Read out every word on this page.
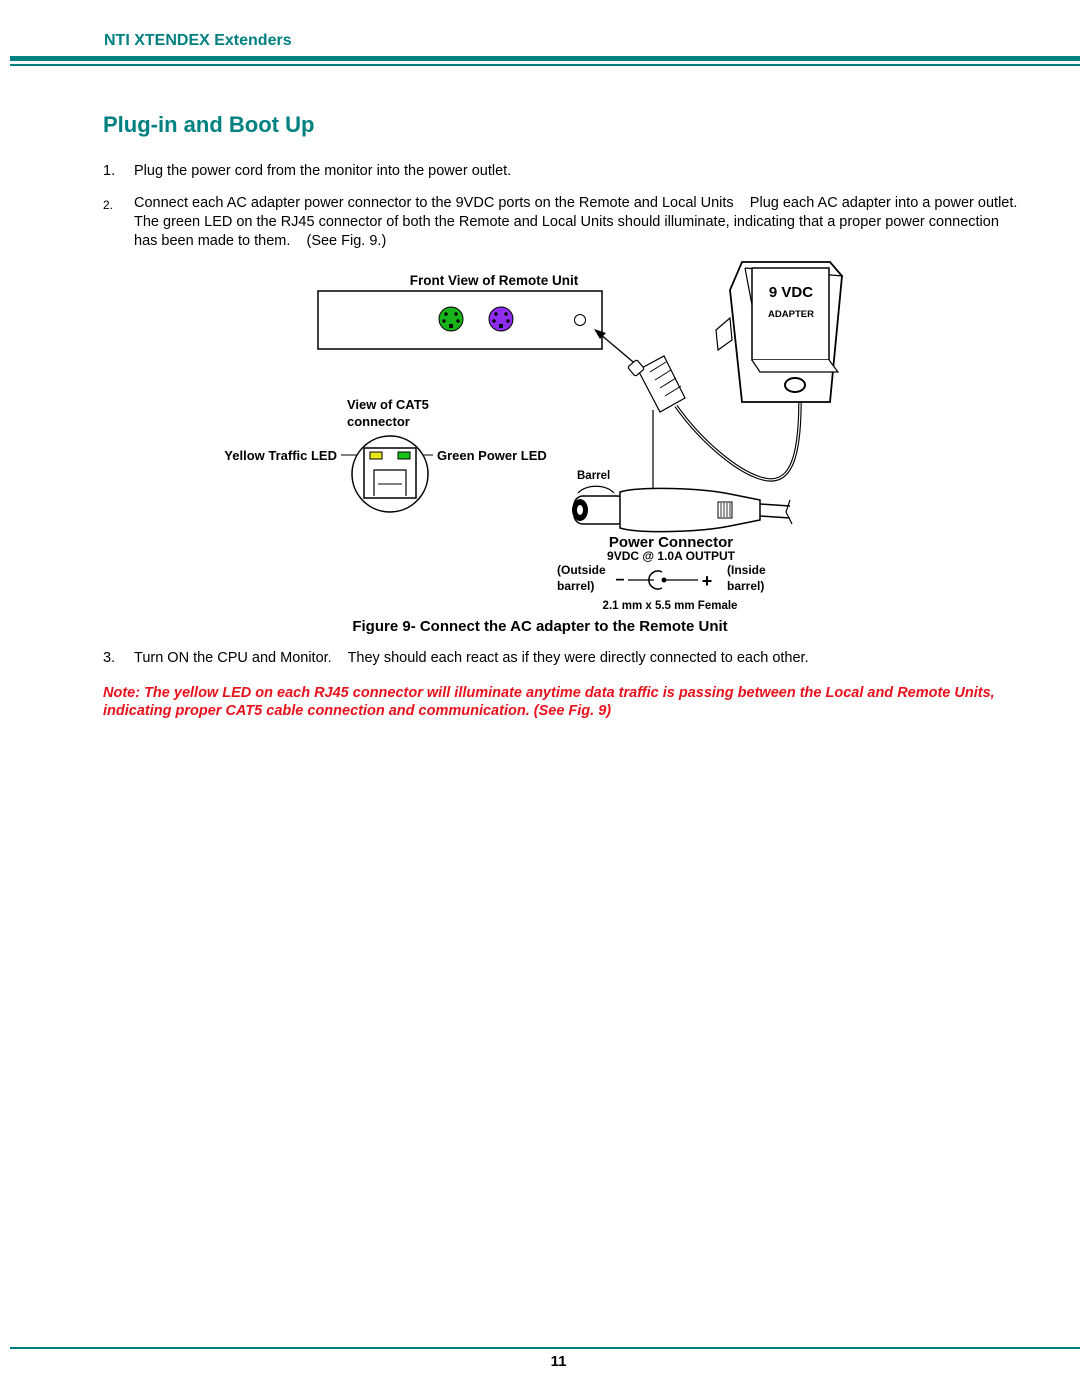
NTI XTENDEX Extenders
Plug-in and Boot Up
1. Plug the power cord from the monitor into the power outlet.
2. Connect each AC adapter power connector to the 9VDC ports on the Remote and Local Units    Plug each AC adapter into a power outlet.   The green LED on the RJ45 connector of both the Remote and Local Units should illuminate, indicating that a proper power connection has been made to them.    (See Fig. 9.)
Front View of Remote Unit
9 VDC
ADAPTER
View of CAT5
connector
Yellow Traffic LED	Green Power LED
Barrel
Power Connector
9VDC @ 1.0A OUTPUT
(Outside
barrel)
(Inside
barrel)
−	+
2.1 mm x 5.5 mm Female
Figure 9- Connect the AC adapter to the Remote Unit
3. Turn ON the CPU and Monitor.    They should each react as if they were directly connected to each other.
Note: The yellow LED on each RJ45 connector will illuminate anytime data traffic is passing between the Local and Remote Units, indicating proper CAT5 cable connection and communication. (See Fig. 9)
11
